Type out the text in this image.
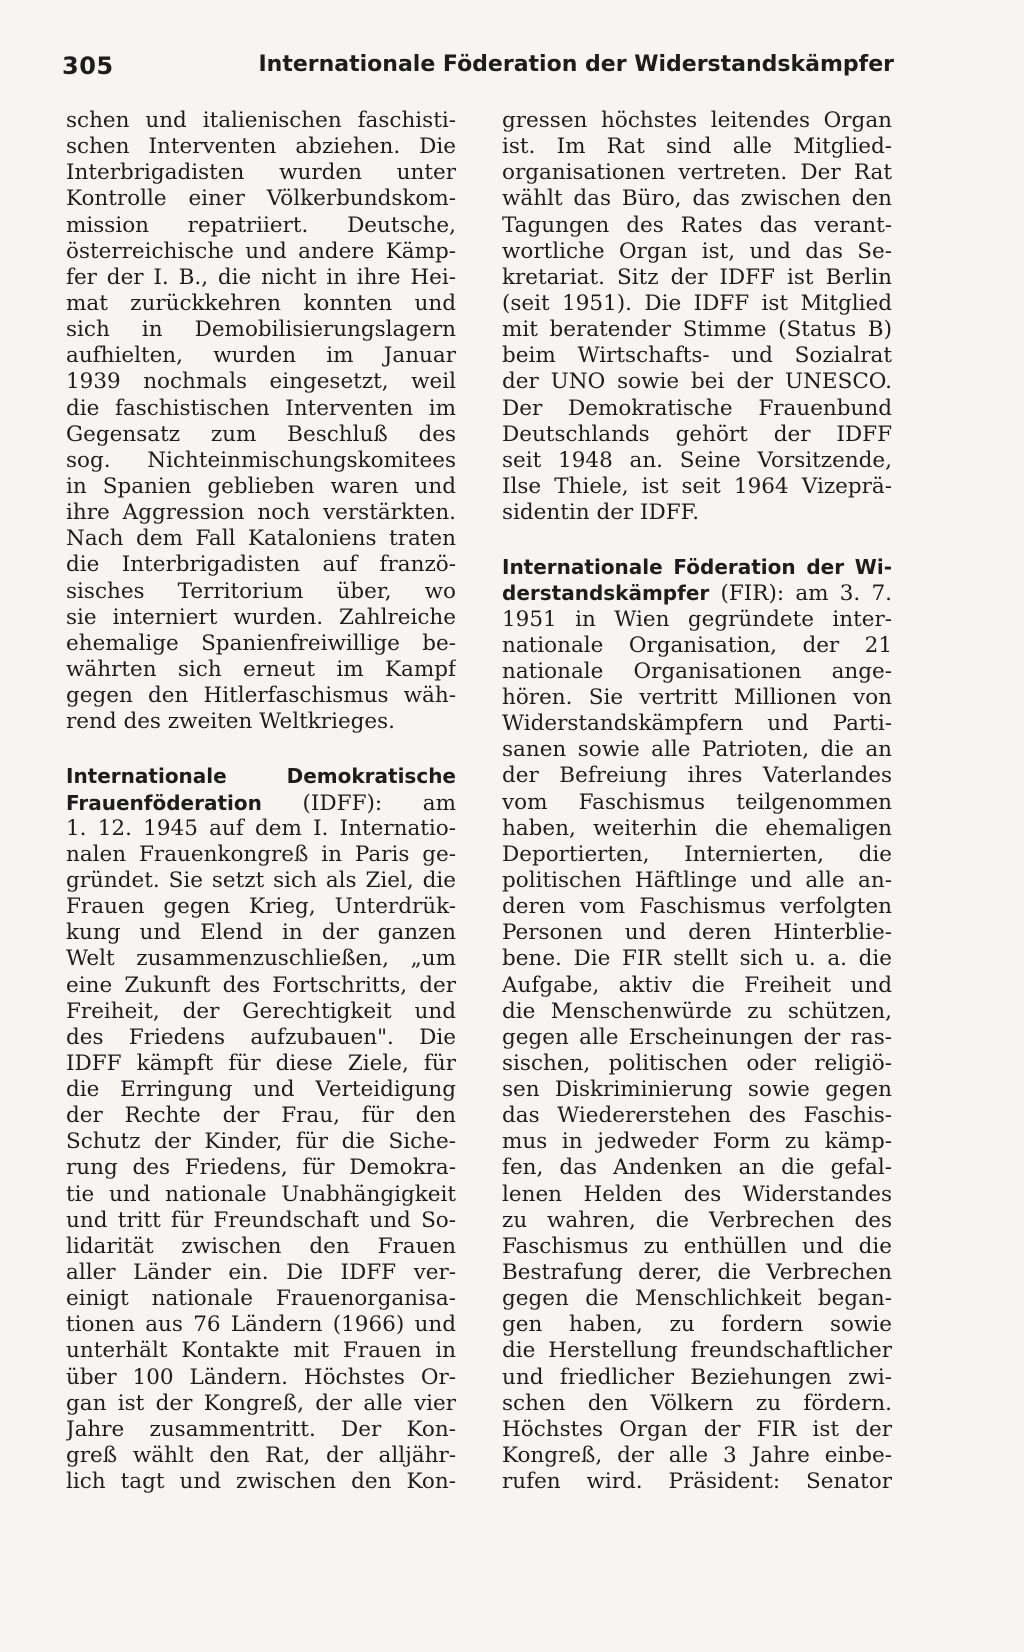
305	Internationale Föderation der Widerstandskämpfer
schen und italienischen faschisti-
schen Interventen abziehen. Die
Interbrigadisten wurden unter
Kontrolle einer Völkerbundskom-
mission repatriiert. Deutsche,
österreichische und andere Kämp-
fer der I. B., die nicht in ihre Hei-
mat zurückkehren konnten und
sich in Demobilisierungslagern
aufhielten, wurden im Januar
1939 nochmals eingesetzt, weil
die faschistischen Interventen im
Gegensatz zum Beschluß des
sog. Nichteinmischungskomitees
in Spanien geblieben waren und
ihre Aggression noch verstärkten.
Nach dem Fall Kataloniens traten
die Interbrigadisten auf franzö-
sisches Territorium über, wo
sie interniert wurden. Zahlreiche
ehemalige Spanienfreiwillige be-
währten sich erneut im Kampf
gegen den Hitlerfaschismus wäh-
rend des zweiten Weltkrieges.
Internationale Demokratische
Frauenföderation (IDFF): am
1. 12. 1945 auf dem I. Internatio-
nalen Frauenkongreß in Paris ge-
gründet. Sie setzt sich als Ziel, die
Frauen gegen Krieg, Unterdrük-
kung und Elend in der ganzen
Welt zusammenzuschließen, „um
eine Zukunft des Fortschritts, der
Freiheit, der Gerechtigkeit und
des Friedens aufzubauen". Die
IDFF kämpft für diese Ziele, für
die Erringung und Verteidigung
der Rechte der Frau, für den
Schutz der Kinder, für die Siche-
rung des Friedens, für Demokra-
tie und nationale Unabhängigkeit
und tritt für Freundschaft und So-
lidarität zwischen den Frauen
aller Länder ein. Die IDFF ver-
einigt nationale Frauenorganisa-
tionen aus 76 Ländern (1966) und
unterhält Kontakte mit Frauen in
über 100 Ländern. Höchstes Or-
gan ist der Kongreß, der alle vier
Jahre zusammentritt. Der Kon-
greß wählt den Rat, der alljähr-
lich tagt und zwischen den Kon-
gressen höchstes leitendes Organ
ist. Im Rat sind alle Mitglied-
organisationen vertreten. Der Rat
wählt das Büro, das zwischen den
Tagungen des Rates das verant-
wortliche Organ ist, und das Se-
kretariat. Sitz der IDFF ist Berlin
(seit 1951). Die IDFF ist Mitglied
mit beratender Stimme (Status B)
beim Wirtschafts- und Sozialrat
der UNO sowie bei der UNESCO.
Der Demokratische Frauenbund
Deutschlands gehört der IDFF
seit 1948 an. Seine Vorsitzende,
Ilse Thiele, ist seit 1964 Vizeprä-
sidentin der IDFF.
Internationale Föderation der Wi-
derstandskämpfer (FIR): am 3. 7.
1951 in Wien gegründete inter-
nationale Organisation, der 21
nationale Organisationen ange-
hören. Sie vertritt Millionen von
Widerstandskämpfern und Parti-
sanen sowie alle Patrioten, die an
der Befreiung ihres Vaterlandes
vom Faschismus teilgenommen
haben, weiterhin die ehemaligen
Deportierten, Internierten, die
politischen Häftlinge und alle an-
deren vom Faschismus verfolgten
Personen und deren Hinterblie-
bene. Die FIR stellt sich u. a. die
Aufgabe, aktiv die Freiheit und
die Menschenwürde zu schützen,
gegen alle Erscheinungen der ras-
sischen, politischen oder religiö-
sen Diskriminierung sowie gegen
das Wiedererstehen des Faschis-
mus in jedweder Form zu kämp-
fen, das Andenken an die gefal-
lenen Helden des Widerstandes
zu wahren, die Verbrechen des
Faschismus zu enthüllen und die
Bestrafung derer, die Verbrechen
gegen die Menschlichkeit began-
gen haben, zu fordern sowie
die Herstellung freundschaftlicher
und friedlicher Beziehungen zwi-
schen den Völkern zu fördern.
Höchstes Organ der FIR ist der
Kongreß, der alle 3 Jahre einbe-
rufen wird. Präsident: Senator
